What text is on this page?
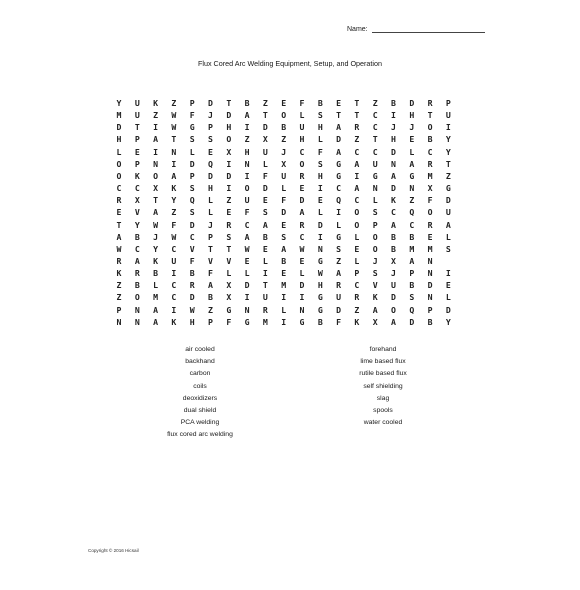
Name:
Flux Cored Arc Welding Equipment, Setup, and Operation
Y	U	K	Z	P	D	T	B	Z	E	F	B	E	T	Z	B	D	R	P
M	U	Z	W	F	J	D	A	T	O	L	S	T	T	C	I	H	T	U
D	T	I	W	G	P	H	I	D	B	U	H	A	R	C	J	J	O	I
H	P	A	T	S	S	O	Z	X	Z	H	L	D	Z	T	H	E	B	Y
L	E	I	N	L	E	X	H	U	J	C	F	A	C	C	D	L	C	Y
O	P	N	I	D	Q	I	N	L	X	O	S	G	A	U	N	A	R	T
O	K	O	A	P	D	D	I	F	U	R	H	G	I	G	A	G	M	Z
C	C	X	K	S	H	I	O	D	L	E	I	C	A	N	D	N	X	G
R	X	T	Y	Q	L	Z	U	E	F	D	E	Q	C	L	K	Z	F	D
E	V	A	Z	S	L	E	F	S	D	A	L	I	O	S	C	Q	O	U
T	Y	W	F	D	J	R	C	A	E	R	D	L	O	P	A	C	R	A
A	B	J	W	C	P	S	A	B	S	C	I	G	L	O	B	B	E	L
W	C	Y	C	V	T	T	W	E	A	W	N	S	E	O	B	M	M	S
R	A	K	U	F	V	V	E	L	B	E	G	Z	L	J	X	A	N
K	R	B	I	B	F	L	L	I	E	L	W	A	P	S	J	P	N	I
Z	B	L	C	R	A	X	D	T	M	D	H	R	C	V	U	B	D	E
Z	O	M	C	D	B	X	I	U	I	I	G	U	R	K	D	S	N	L
P	N	A	I	W	Z	G	N	R	L	N	G	D	Z	A	O	Q	P	D
N	N	A	K	H	P	F	G	M	I	G	B	F	K	X	A	D	B	Y
air cooled
backhand
carbon
coils
deoxidizers
dual shield
PCA welding
flux cored arc welding
forehand
lime based flux
rutile based flux
self shielding
slag
spools
water cooled
Copyright © 2016 Hicsail
